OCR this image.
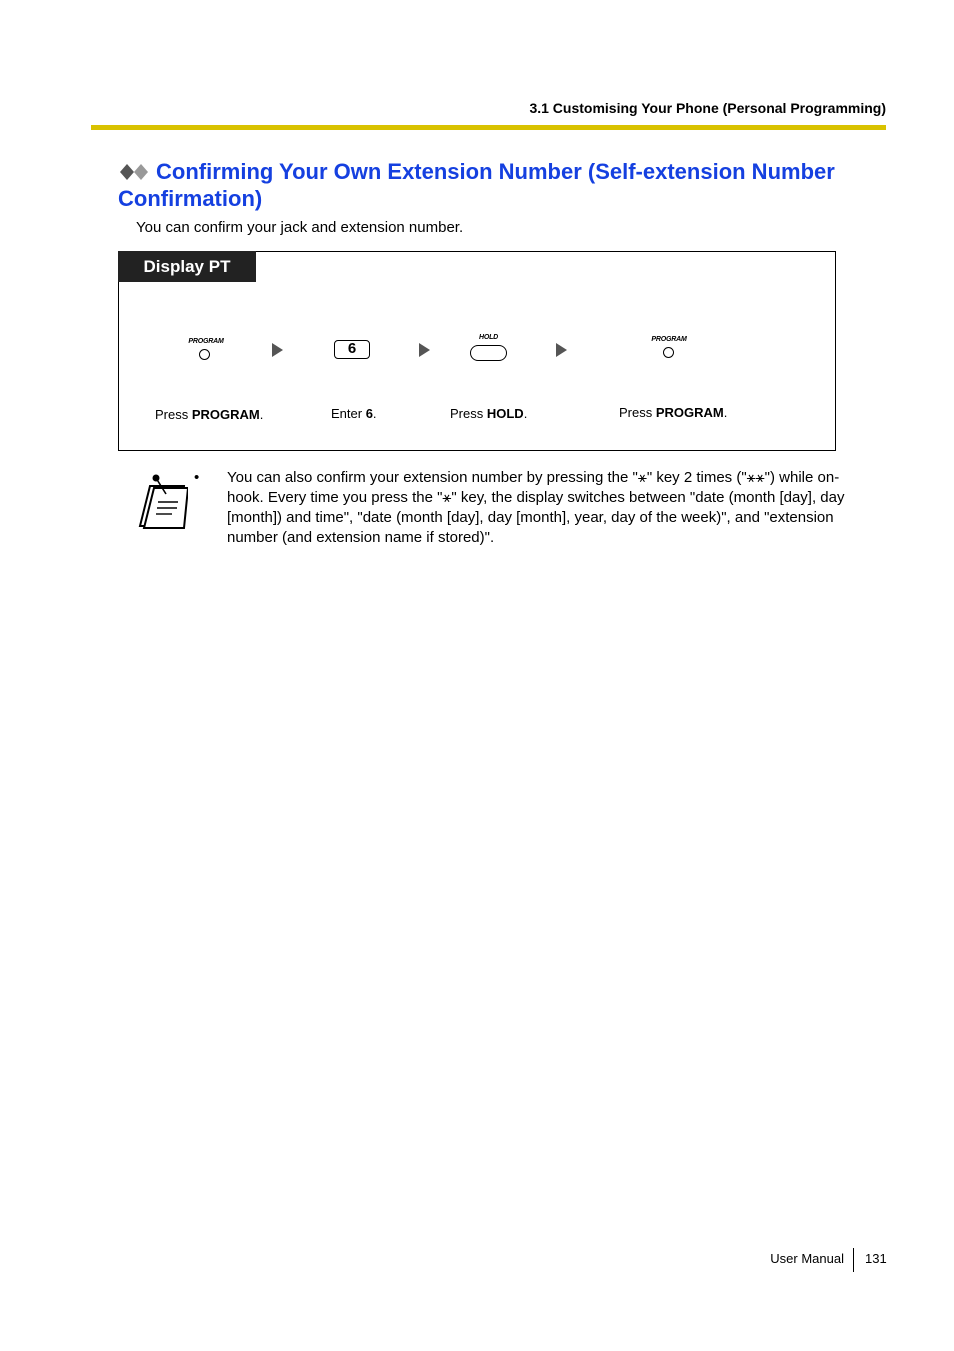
3.1 Customising Your Phone (Personal Programming)
Confirming Your Own Extension Number (Self-extension Number Confirmation)
You can confirm your jack and extension number.
Display PT
PROGRAM
Press PROGRAM.
6
Enter 6.
HOLD
Press HOLD.
PROGRAM
Press PROGRAM.
• You can also confirm your extension number by pressing the "⚹" key 2 times ("⚹⚹") while on-hook. Every time you press the "⚹" key, the display switches between "date (month [day], day [month]) and time", "date (month [day], day [month], year, day of the week)", and "extension number (and extension name if stored)".
User Manual 131
